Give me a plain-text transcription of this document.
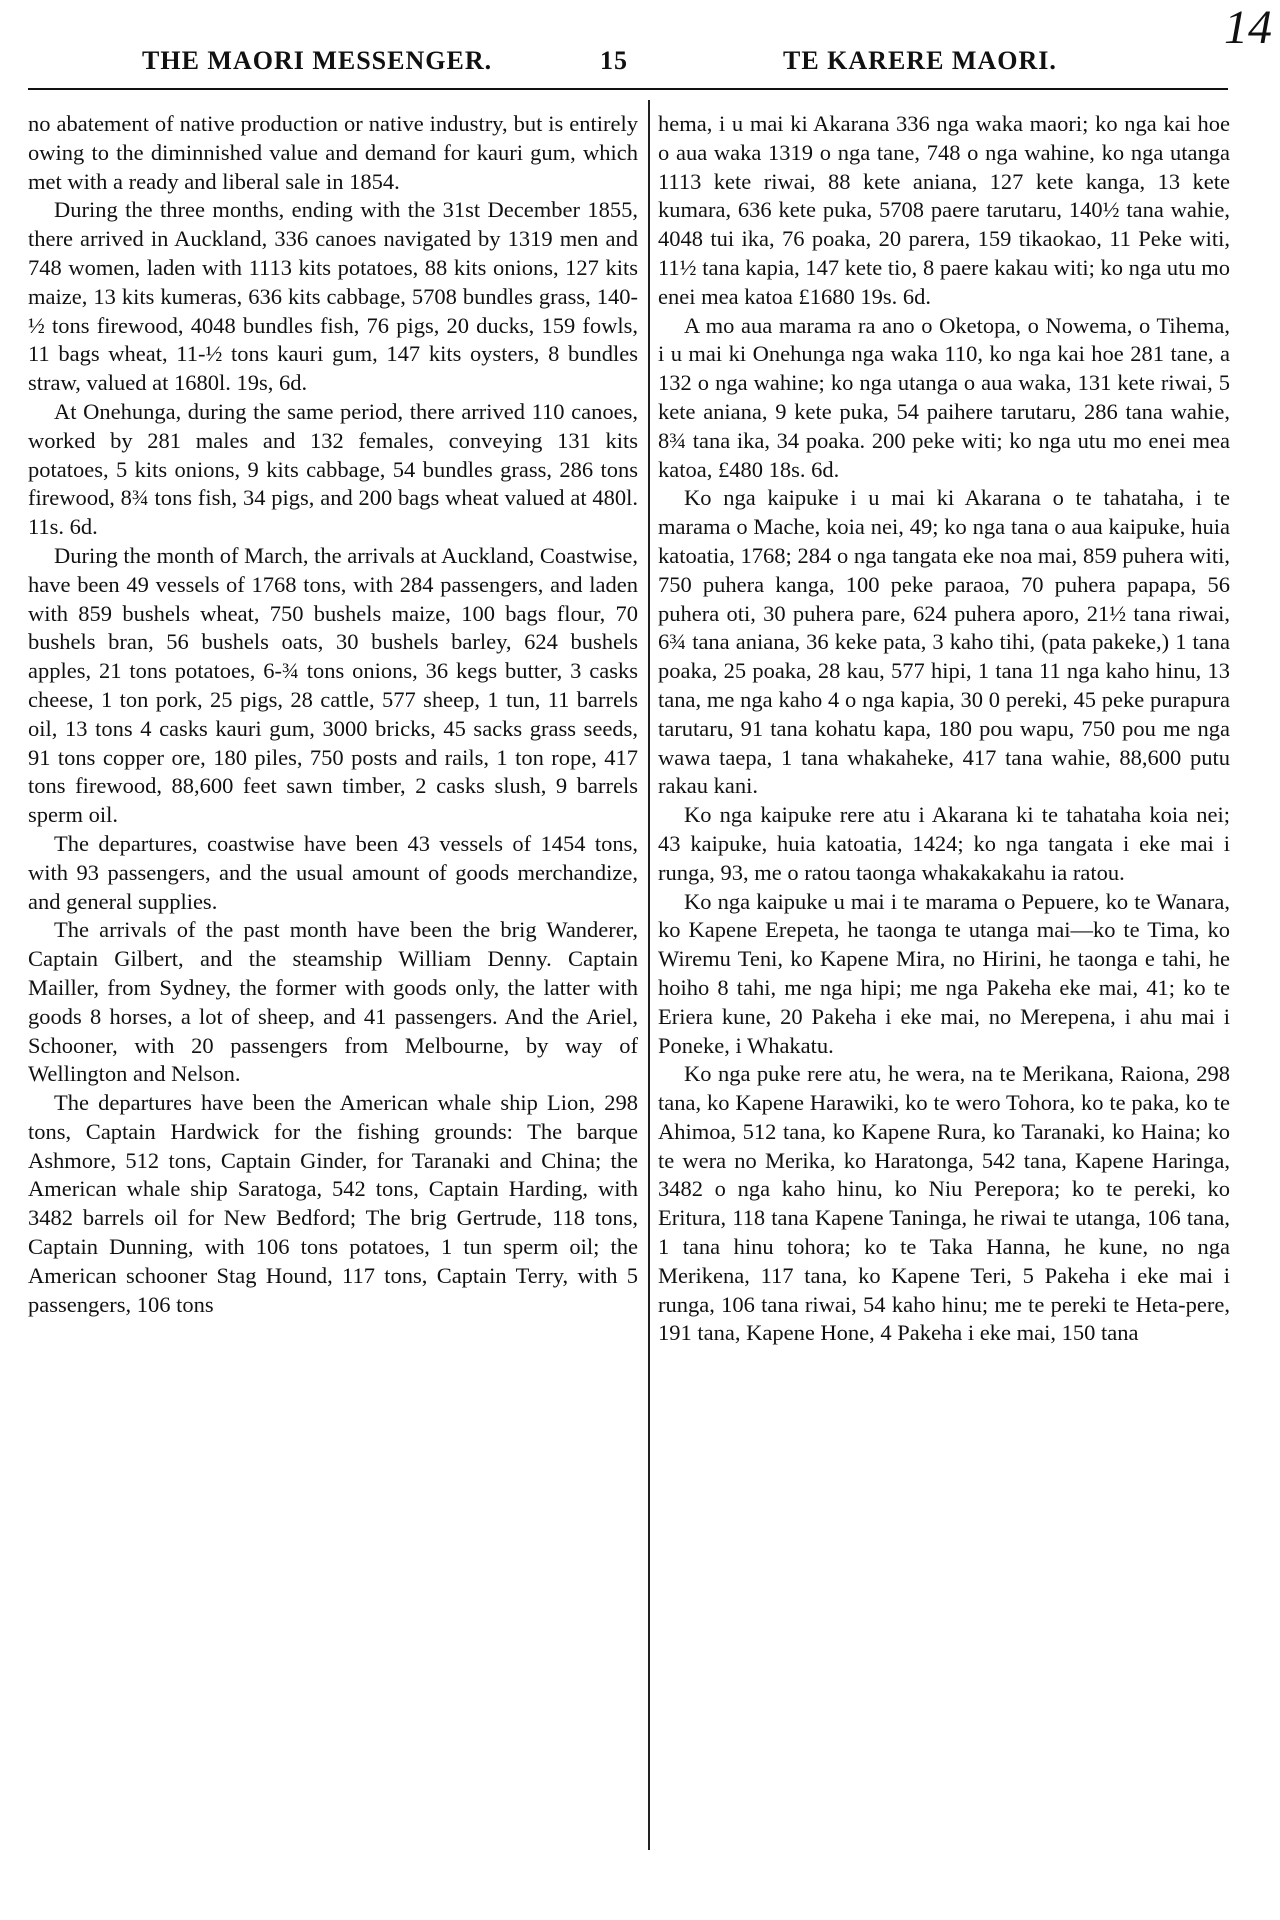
14
THE MAORI MESSENGER.	15	TE KARERE MAORI.

no abatement of native production or native industry, but is entirely owing to the diminnished value and demand for kauri gum, which met with a ready and liberal sale in 1854.

During the three months, ending with the 31st December 1855, there arrived in Auckland, 336 canoes navigated by 1319 men and 748 women, laden with 1113 kits potatoes, 88 kits onions, 127 kits maize, 13 kits kumeras, 636 kits cabbage, 5708 bundles grass, 140-½ tons firewood, 4048 bundles fish, 76 pigs, 20 ducks, 159 fowls, 11 bags wheat, 11-½ tons kauri gum, 147 kits oysters, 8 bundles straw, valued at 1680l. 19s, 6d.

At Onehunga, during the same period, there arrived 110 canoes, worked by 281 males and 132 females, conveying 131 kits potatoes, 5 kits onions, 9 kits cabbage, 54 bundles grass, 286 tons firewood, 8¾ tons fish, 34 pigs, and 200 bags wheat valued at 480l. 11s. 6d.

During the month of March, the arrivals at Auckland, Coastwise, have been 49 vessels of 1768 tons, with 284 passengers, and laden with 859 bushels wheat, 750 bushels maize, 100 bags flour, 70 bushels bran, 56 bushels oats, 30 bushels barley, 624 bushels apples, 21 tons potatoes, 6-¾ tons onions, 36 kegs butter, 3 casks cheese, 1 ton pork, 25 pigs, 28 cattle, 577 sheep, 1 tun, 11 barrels oil, 13 tons 4 casks kauri gum, 3000 bricks, 45 sacks grass seeds, 91 tons copper ore, 180 piles, 750 posts and rails, 1 ton rope, 417 tons firewood, 88,600 feet sawn timber, 2 casks slush, 9 barrels sperm oil.

The departures, coastwise have been 43 vessels of 1454 tons, with 93 passengers, and the usual amount of goods merchandize, and general supplies.

The arrivals of the past month have been the brig Wanderer, Captain Gilbert, and the steamship William Denny. Captain Mailler, from Sydney, the former with goods only, the latter with goods 8 horses, a lot of sheep, and 41 passengers. And the Ariel, Schooner, with 20 passengers from Melbourne, by way of Wellington and Nelson.

The departures have been the American whale ship Lion, 298 tons, Captain Hardwick for the fishing grounds: The barque Ashmore, 512 tons, Captain Ginder, for Taranaki and China; the American whale ship Saratoga, 542 tons, Captain Harding, with 3482 barrels oil for New Bedford; The brig Gertrude, 118 tons, Captain Dunning, with 106 tons potatoes, 1 tun sperm oil; the American schooner Stag Hound, 117 tons, Captain Terry, with 5 passengers, 106 tons

hema, i u mai ki Akarana 336 nga waka maori; ko nga kai hoe o aua waka 1319 o nga tane, 748 o nga wahine, ko nga utanga 1113 kete riwai, 88 kete aniana, 127 kete kanga, 13 kete kumara, 636 kete puka, 5708 paere tarutaru, 140½ tana wahie, 4048 tui ika, 76 poaka, 20 parera, 159 tikaokao, 11 Peke witi, 11½ tana kapia, 147 kete tio, 8 paere kakau witi; ko nga utu mo enei mea katoa £1680 19s. 6d.

A mo aua marama ra ano o Oketopa, o Nowema, o Tihema, i u mai ki Onehunga nga waka 110, ko nga kai hoe 281 tane, a 132 o nga wahine; ko nga utanga o aua waka, 131 kete riwai, 5 kete aniana, 9 kete puka, 54 paihere tarutaru, 286 tana wahie, 8¾ tana ika, 34 poaka. 200 peke witi; ko nga utu mo enei mea katoa, £480 18s. 6d.

Ko nga kaipuke i u mai ki Akarana o te tahataha, i te marama o Mache, koia nei, 49; ko nga tana o aua kaipuke, huia katoatia, 1768; 284 o nga tangata eke noa mai, 859 puhera witi, 750 puhera kanga, 100 peke paraoa, 70 puhera papapa, 56 puhera oti, 30 puhera pare, 624 puhera aporo, 21½ tana riwai, 6¾ tana aniana, 36 keke pata, 3 kaho tihi, (pata pakeke,) 1 tana poaka, 25 poaka, 28 kau, 577 hipi, 1 tana 11 nga kaho hinu, 13 tana, me nga kaho 4 o nga kapia, 30 0 pereki, 45 peke purapura tarutaru, 91 tana kohatu kapa, 180 pou wapu, 750 pou me nga wawa taepa, 1 tana whakaheke, 417 tana wahie, 88,600 putu rakau kani.

Ko nga kaipuke rere atu i Akarana ki te tahataha koia nei; 43 kaipuke, huia katoatia, 1424; ko nga tangata i eke mai i runga, 93, me o ratou taonga whakakakahu ia ratou.

Ko nga kaipuke u mai i te marama o Pepuere, ko te Wanara, ko Kapene Erepeta, he taonga te utanga mai—ko te Tima, ko Wiremu Teni, ko Kapene Mira, no Hirini, he taonga e tahi, he hoiho 8 tahi, me nga hipi; me nga Pakeha eke mai, 41; ko te Eriera kune, 20 Pakeha i eke mai, no Merepena, i ahu mai i Poneke, i Whakatu.

Ko nga puke rere atu, he wera, na te Merikana, Raiona, 298 tana, ko Kapene Harawiki, ko te wero Tohora, ko te paka, ko te Ahimoa, 512 tana, ko Kapene Rura, ko Taranaki, ko Haina; ko te wera no Merika, ko Haratonga, 542 tana, Kapene Haringa, 3482 o nga kaho hinu, ko Niu Perepora; ko te pereki, ko Eritura, 118 tana Kapene Taninga, he riwai te utanga, 106 tana, 1 tana hinu tohora; ko te Taka Hanna, he kune, no nga Merikena, 117 tana, ko Kapene Teri, 5 Pakeha i eke mai i runga, 106 tana riwai, 54 kaho hinu; me te pereki te Heta-pere, 191 tana, Kapene Hone, 4 Pakeha i eke mai, 150 tana
